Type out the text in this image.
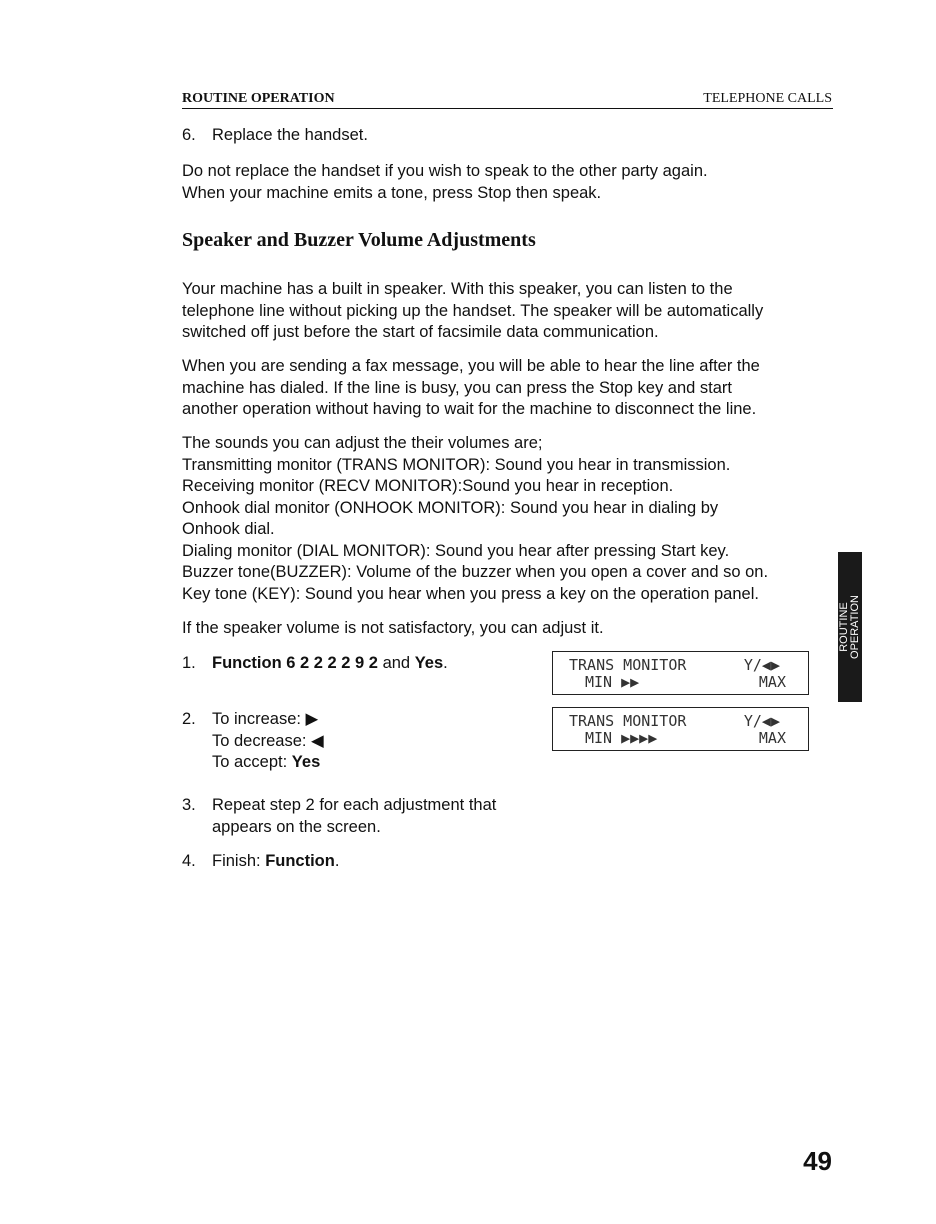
ROUTINE OPERATION	TELEPHONE CALLS
6. Replace the handset.
Do not replace the handset if you wish to speak to the other party again.
When your machine emits a tone, press Stop then speak.
Speaker and Buzzer Volume Adjustments
Your machine has a built in speaker. With this speaker, you can listen to the
telephone line without picking up the handset. The speaker will be automatically
switched off just before the start of facsimile data communication.
When you are sending a fax message, you will be able to hear the line after the
machine has dialed. If the line is busy, you can press the Stop key and start
another operation without having to wait for the machine to disconnect the line.
The sounds you can adjust the their volumes are;
Transmitting monitor (TRANS MONITOR): Sound you hear in transmission.
Receiving monitor (RECV MONITOR):Sound you hear in reception.
Onhook dial monitor (ONHOOK MONITOR): Sound you hear in dialing by
Onhook dial.
Dialing monitor (DIAL MONITOR): Sound you hear after pressing Start key.
Buzzer tone(BUZZER): Volume of the buzzer when you open a cover and so on.
Key tone (KEY): Sound you hear when you press a key on the operation panel.
If the speaker volume is not satisfactory, you can adjust it.
1. Function 6 2 2 2 2 9 2 and Yes.	TRANS MONITOR	Y/◀▶
MIN ▶▶	MAX
2. To increase: ▶
To decrease: ◀
To accept: Yes
TRANS MONITOR	Y/◀▶
MIN ▶▶▶▶	MAX
3. Repeat step 2 for each adjustment that
appears on the screen.
4. Finish: Function.
ROUTINE OPERATION
49
